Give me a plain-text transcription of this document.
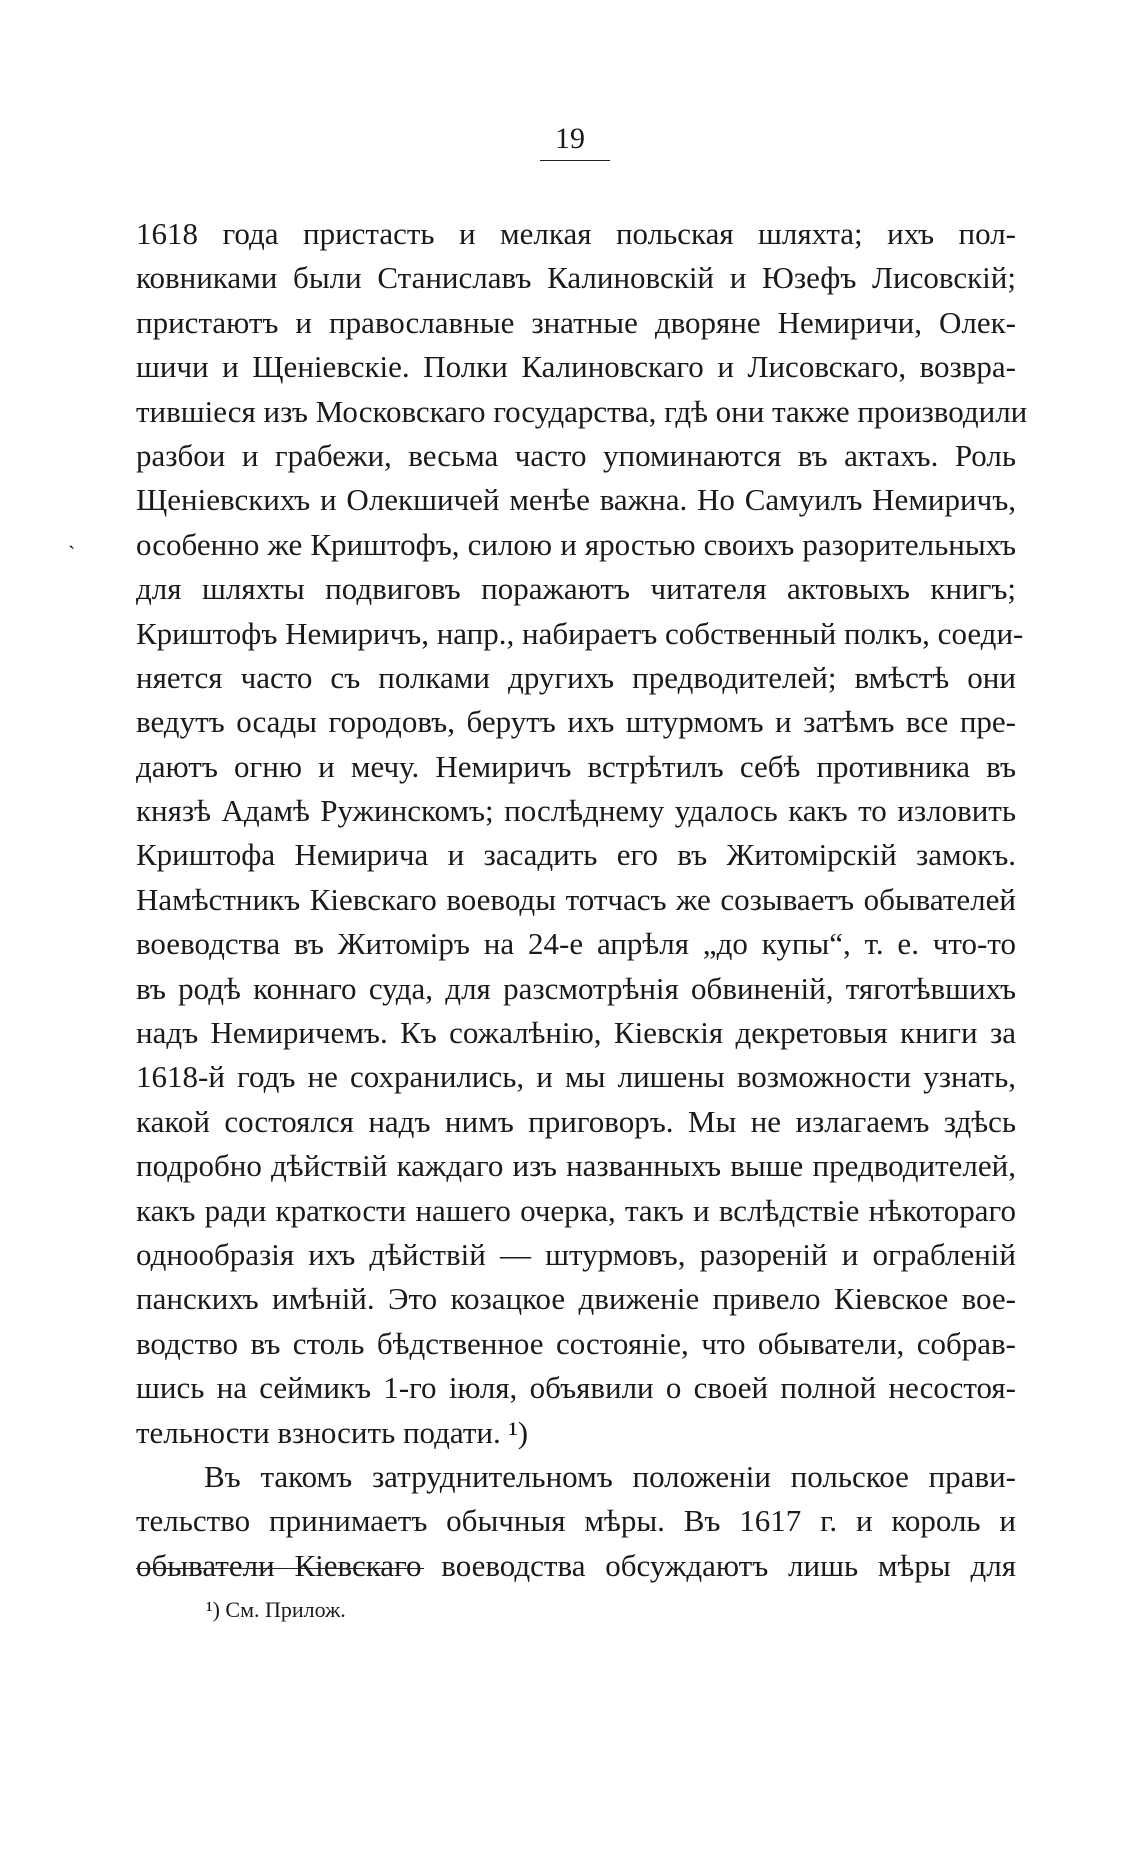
19
ˎ
1618 года пристасть и мелкая польская шляхта; ихъ пол-
ковниками были Станиславъ Калиновскій и Юзефъ Лисовскій;
пристаютъ и православные знатные дворяне Немиричи, Олек-
шичи и Щеніевскіе. Полки Калиновскаго и Лисовскаго, возвра-
тившіеся изъ Московскаго государства, гдѣ они также производили
разбои и грабежи, весьма часто упоминаются въ актахъ. Роль
Щеніевскихъ и Олекшичей менѣе важна. Но Самуилъ Немиричъ,
особенно же Криштофъ, силою и яростью своихъ разорительныхъ
для шляхты подвиговъ поражаютъ читателя актовыхъ книгъ;
Криштофъ Немиричъ, напр., набираетъ собственный полкъ, соеди-
няется часто съ полками другихъ предводителей; вмѣстѣ они
ведутъ осады городовъ, берутъ ихъ штурмомъ и затѣмъ все пре-
даютъ огню и мечу. Немиричъ встрѣтилъ себѣ противника въ
князѣ Адамѣ Ружинскомъ; послѣднему удалось какъ то изловить
Криштофа Немирича и засадить его въ Житомірскій замокъ.
Намѣстникъ Кіевскаго воеводы тотчасъ же созываетъ обывателей
воеводства въ Житоміръ на 24-е апрѣля „до купы“, т. е. что-то
въ родѣ коннаго суда, для разсмотрѣнія обвиненій, тяготѣвшихъ
надъ Немиричемъ. Къ сожалѣнію, Кіевскія декретовыя книги за
1618-й годъ не сохранились, и мы лишены возможности узнать,
какой состоялся надъ нимъ приговоръ. Мы не излагаемъ здѣсь
подробно дѣйствій каждаго изъ названныхъ выше предводителей,
какъ ради краткости нашего очерка, такъ и вслѣдствіе нѣкотораго
однообразія ихъ дѣйствій — штурмовъ, разореній и ограбленій
панскихъ имѣній. Это козацкое движеніе привело Кіевское вое-
водство въ столь бѣдственное состояніе, что обыватели, собрав-
шись на сеймикъ 1-го іюля, объявили о своей полной несостоя-
тельности взносить подати. ¹)
Въ такомъ затруднительномъ положеніи польское прави-
тельство принимаетъ обычныя мѣры. Въ 1617 г. и король и
обыватели Кіевскаго воеводства обсуждаютъ лишь мѣры для
¹) См. Прилож.
